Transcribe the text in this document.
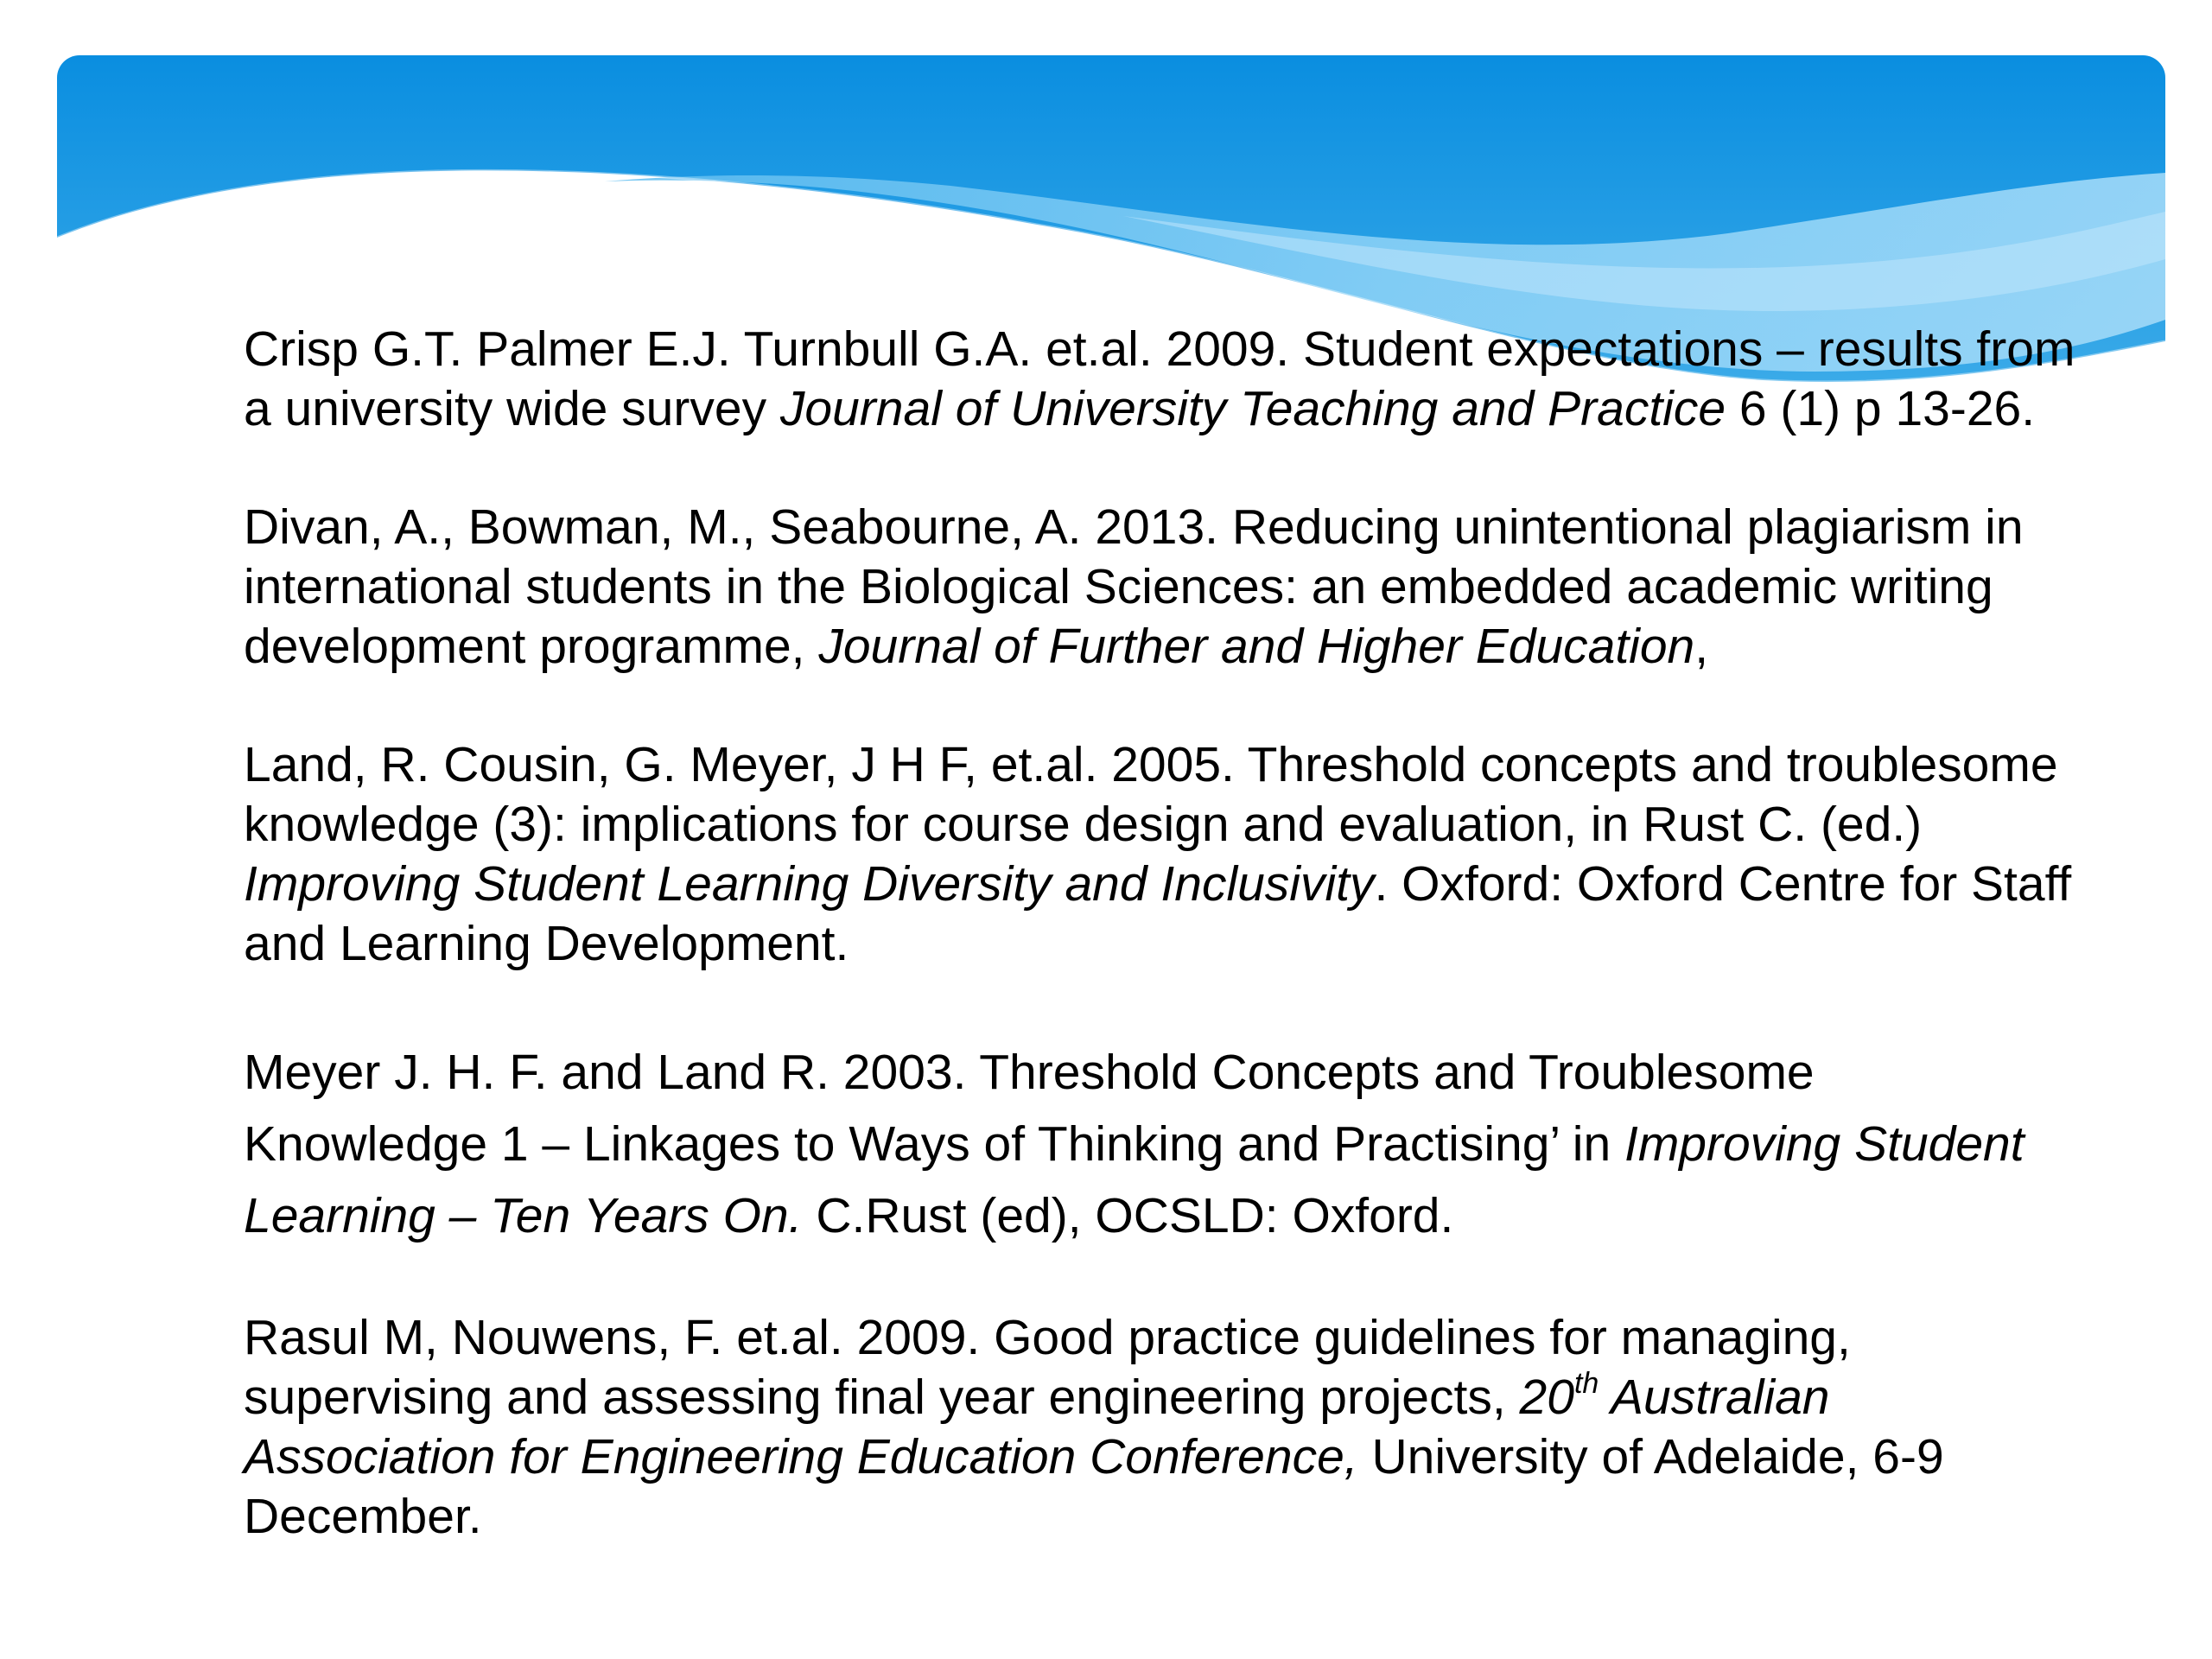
Crisp G.T. Palmer E.J. Turnbull G.A. et.al. 2009. Student expectations – results from
a university wide survey Journal of University Teaching and Practice 6 (1) p 13-26.

Divan, A., Bowman, M., Seabourne, A. 2013. Reducing unintentional plagiarism in
international students in the Biological Sciences: an embedded academic writing
development programme, Journal of Further and Higher Education,

Land, R. Cousin, G. Meyer, J H F, et.al. 2005. Threshold concepts and troublesome
knowledge (3): implications for course design and evaluation, in Rust C. (ed.)
Improving Student Learning Diversity and Inclusivity. Oxford: Oxford Centre for Staff
and Learning Development.

Meyer J. H. F. and Land R. 2003. Threshold Concepts and Troublesome
Knowledge 1 – Linkages to Ways of Thinking and Practising’ in Improving Student
Learning – Ten Years On. C.Rust (ed), OCSLD: Oxford.

Rasul M, Nouwens, F. et.al. 2009. Good practice guidelines for managing,
supervising and assessing final year engineering projects, 20th Australian
Association for Engineering Education Conference, University of Adelaide, 6-9
December.
